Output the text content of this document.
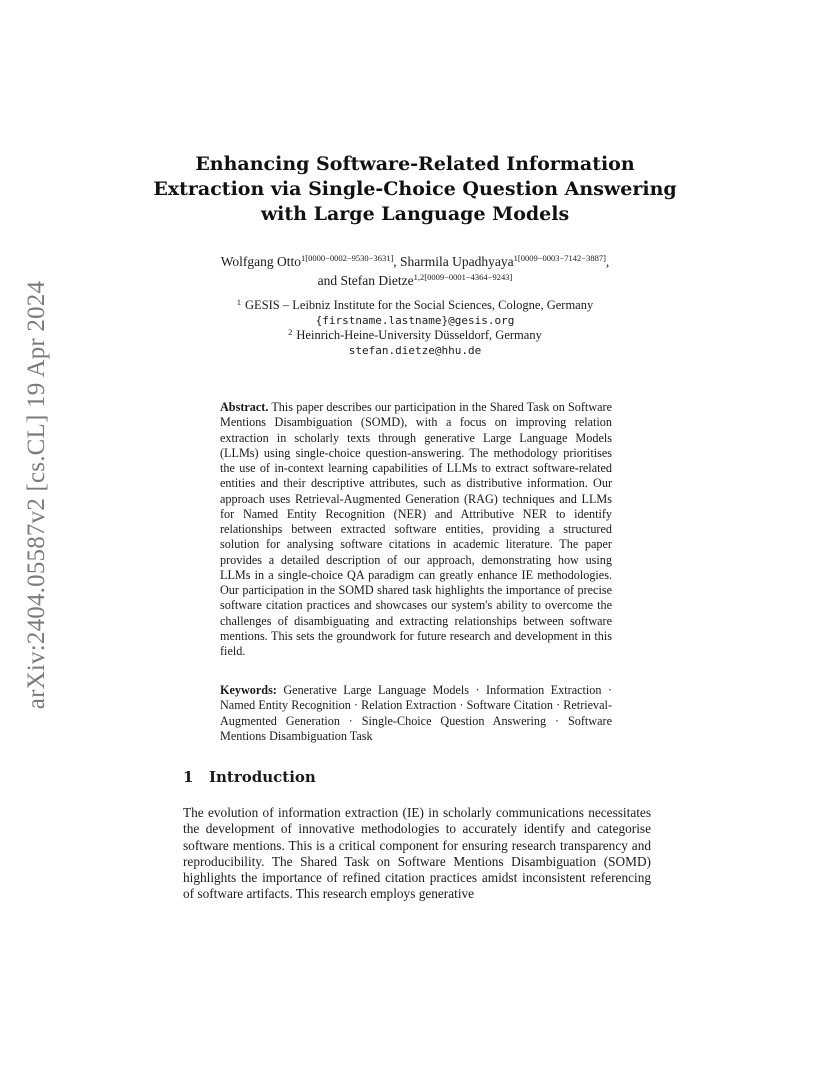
arXiv:2404.05587v2 [cs.CL] 19 Apr 2024
Enhancing Software-Related Information Extraction via Single-Choice Question Answering with Large Language Models
Wolfgang Otto$^{1[0000-0002-9530-3631]}$, Sharmila Upadhyaya$^{1[0009-0003-7142-3887]}$,
and Stefan Dietze$^{1,2[0009-0001-4364-9243]}$
$^1$ GESIS – Leibniz Institute for the Social Sciences, Cologne, Germany
{firstname.lastname}@gesis.org
$^2$ Heinrich-Heine-University Düsseldorf, Germany
stefan.dietze@hhu.de

Abstract. This paper describes our participation in the Shared Task on Software Mentions Disambiguation (SOMD), with a focus on improving relation extraction in scholarly texts through generative Large Language Models (LLMs) using single-choice question-answering. The methodology prioritises the use of in-context learning capabilities of LLMs to extract software-related entities and their descriptive attributes, such as distributive information. Our approach uses Retrieval-Augmented Generation (RAG) techniques and LLMs for Named Entity Recognition (NER) and Attributive NER to identify relationships between extracted software entities, providing a structured solution for analysing software citations in academic literature. The paper provides a detailed description of our approach, demonstrating how using LLMs in a single-choice QA paradigm can greatly enhance IE methodologies. Our participation in the SOMD shared task highlights the importance of precise software citation practices and showcases our system's ability to overcome the challenges of disambiguating and extracting relationships between software mentions. This sets the groundwork for future research and development in this field.

Keywords: Generative Large Language Models · Information Extraction · Named Entity Recognition · Relation Extraction · Software Citation · Retrieval-Augmented Generation · Single-Choice Question Answering · Software Mentions Disambiguation Task

1 Introduction

The evolution of information extraction (IE) in scholarly communications necessitates the development of innovative methodologies to accurately identify and categorise software mentions. This is a critical component for ensuring research transparency and reproducibility. The Shared Task on Software Mentions Disambiguation (SOMD) highlights the importance of refined citation practices amidst inconsistent referencing of software artifacts. This research employs generative
